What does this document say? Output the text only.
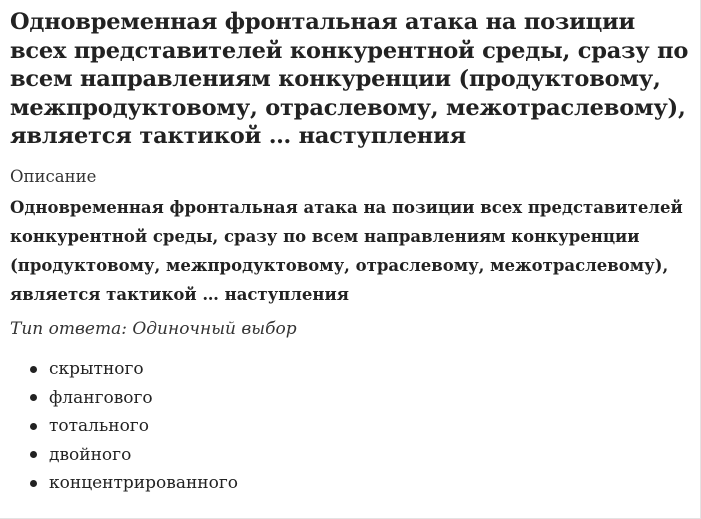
Одновременная фронтальная атака на позиции всех представителей конкурентной среды, сразу по всем направлениям конкуренции (продуктовому, межпродуктовому, отраслевому, межотраслевому), является тактикой … наступления
Описание
Одновременная фронтальная атака на позиции всех представителей конкурентной среды, сразу по всем направлениям конкуренции (продуктовому, межпродуктовому, отраслевому, межотраслевому), является тактикой … наступления
Тип ответа: Одиночный выбор
скрытного
флангового
тотального
двойного
концентрированного
